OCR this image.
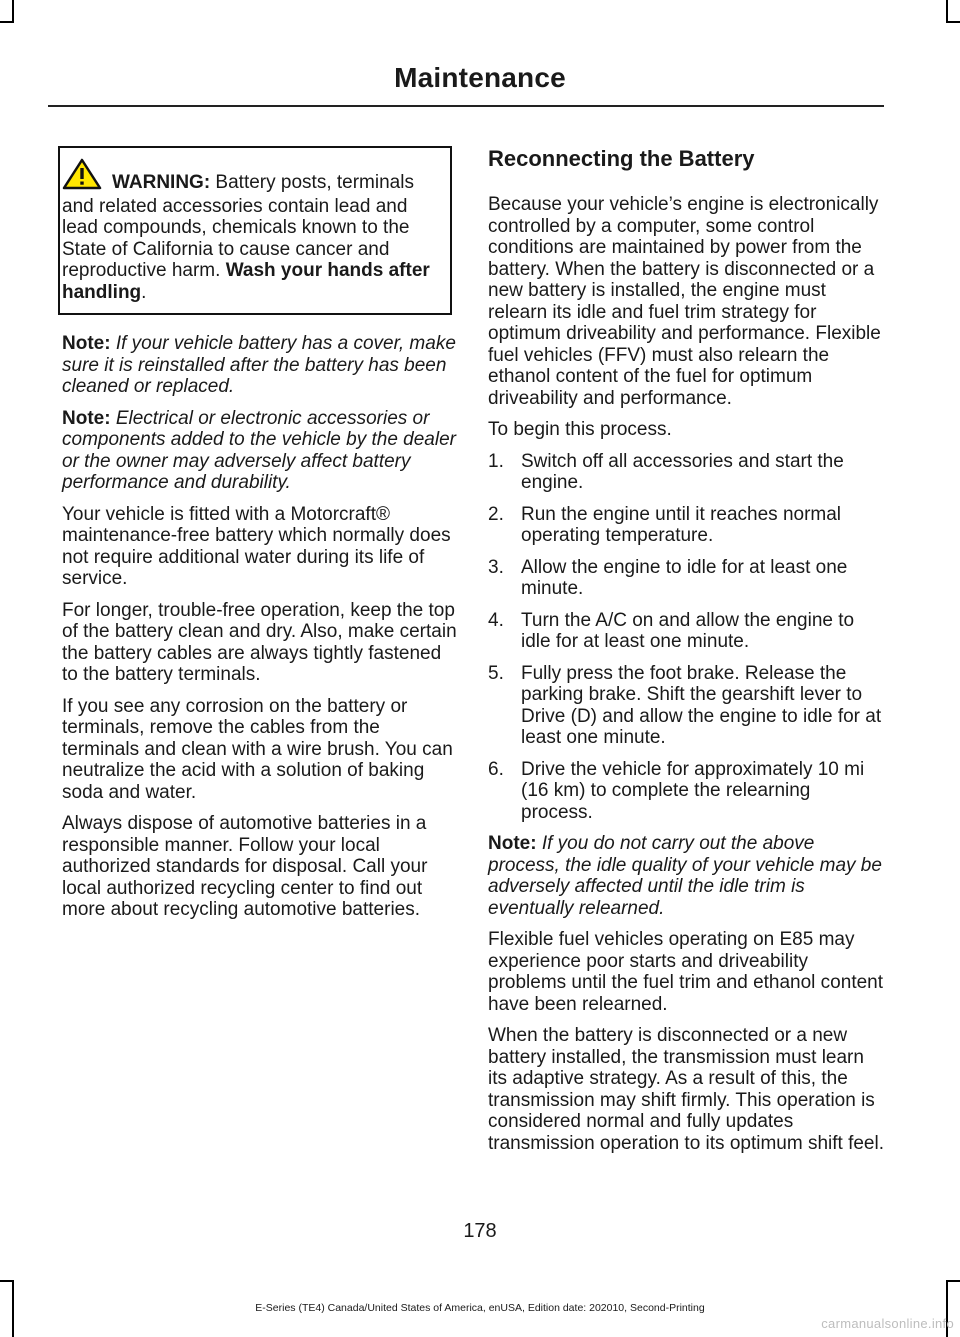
Maintenance

WARNING: Battery posts, terminals and related accessories contain lead and lead compounds, chemicals known to the State of California to cause cancer and reproductive harm. Wash your hands after handling.

Note: If your vehicle battery has a cover, make sure it is reinstalled after the battery has been cleaned or replaced.

Note: Electrical or electronic accessories or components added to the vehicle by the dealer or the owner may adversely affect battery performance and durability.

Your vehicle is fitted with a Motorcraft® maintenance-free battery which normally does not require additional water during its life of service.

For longer, trouble-free operation, keep the top of the battery clean and dry. Also, make certain the battery cables are always tightly fastened to the battery terminals.

If you see any corrosion on the battery or terminals, remove the cables from the terminals and clean with a wire brush. You can neutralize the acid with a solution of baking soda and water.

Always dispose of automotive batteries in a responsible manner. Follow your local authorized standards for disposal. Call your local authorized recycling center to find out more about recycling automotive batteries.

Reconnecting the Battery

Because your vehicle’s engine is electronically controlled by a computer, some control conditions are maintained by power from the battery. When the battery is disconnected or a new battery is installed, the engine must relearn its idle and fuel trim strategy for optimum driveability and performance. Flexible fuel vehicles (FFV) must also relearn the ethanol content of the fuel for optimum driveability and performance.

To begin this process.

1. Switch off all accessories and start the engine.
2. Run the engine until it reaches normal operating temperature.
3. Allow the engine to idle for at least one minute.
4. Turn the A/C on and allow the engine to idle for at least one minute.
5. Fully press the foot brake. Release the parking brake. Shift the gearshift lever to Drive (D) and allow the engine to idle for at least one minute.
6. Drive the vehicle for approximately 10 mi (16 km) to complete the relearning process.

Note: If you do not carry out the above process, the idle quality of your vehicle may be adversely affected until the idle trim is eventually relearned.

Flexible fuel vehicles operating on E85 may experience poor starts and driveability problems until the fuel trim and ethanol content have been relearned.

When the battery is disconnected or a new battery installed, the transmission must learn its adaptive strategy. As a result of this, the transmission may shift firmly. This operation is considered normal and fully updates transmission operation to its optimum shift feel.

178
E-Series (TE4) Canada/United States of America, enUSA, Edition date: 202010, Second-Printing
carmanualsonline.info
